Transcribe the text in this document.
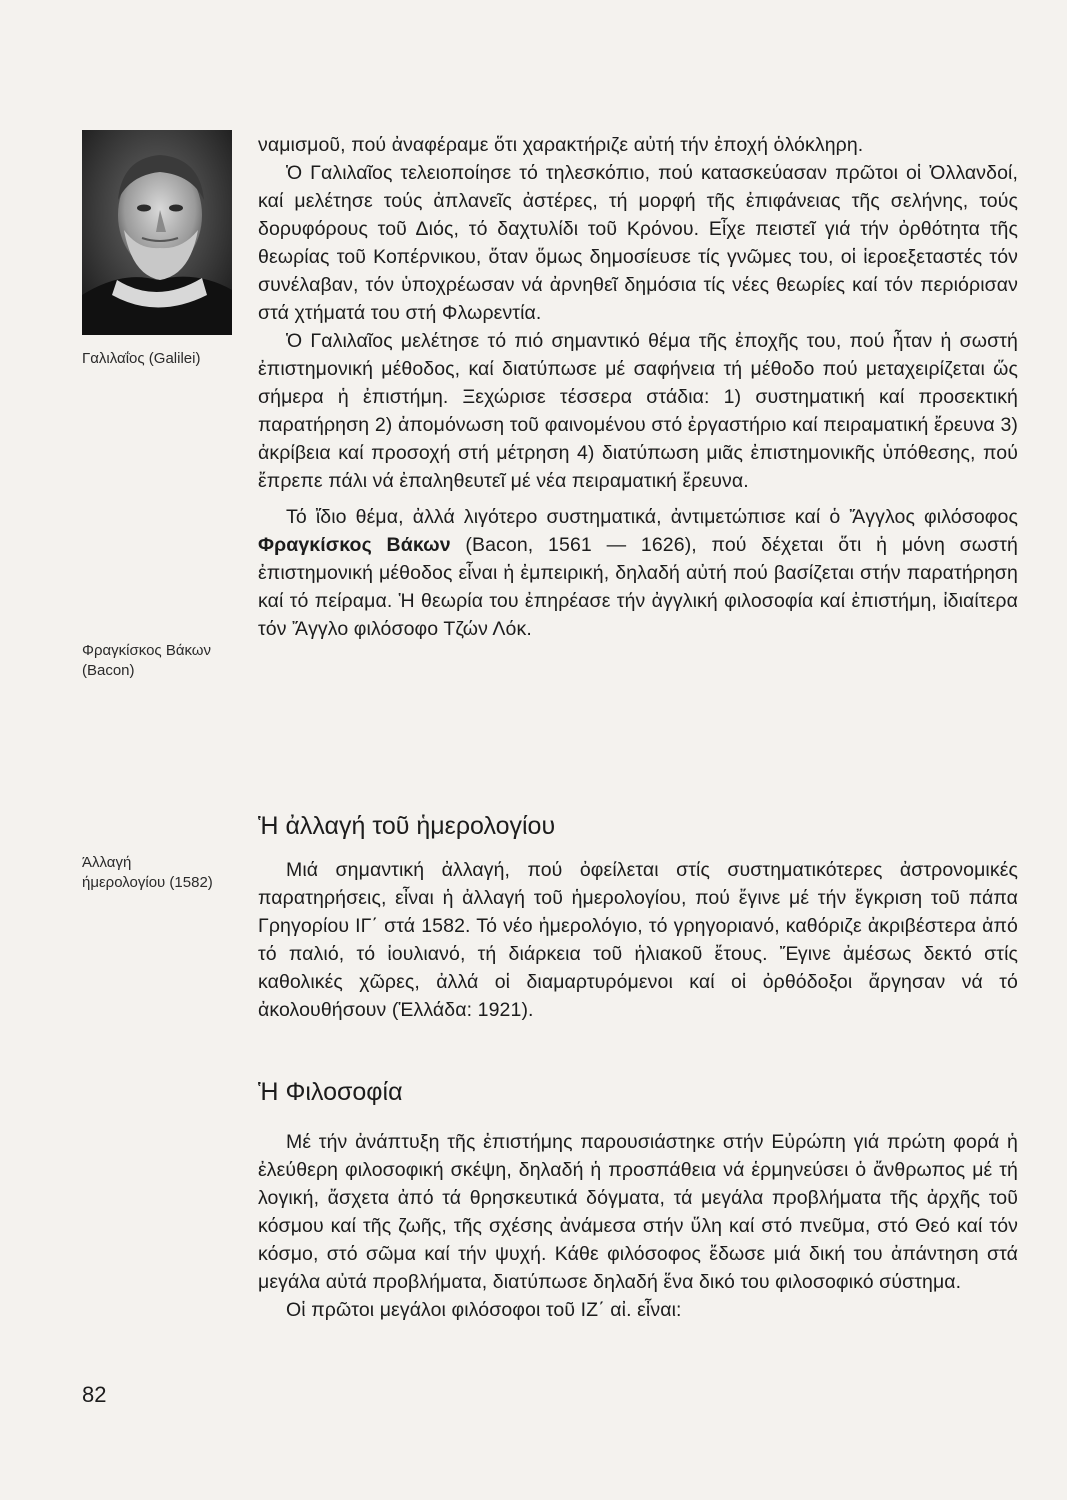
Γαλιλαΐος (Galilei)
Φραγκίσκος Βάκων
(Bacon)
Άλλαγή
ήμερολογίου (1582)
82

ναμισμοῦ, πού ἀναφέραμε ὅτι χαρακτήριζε αὐτή τήν ἐποχή ὁλόκληρη.

Ὁ Γαλιλαῖος τελειοποίησε τό τηλεσκόπιο, πού κατασκεύασαν πρῶτοι οἱ Ὀλλανδοί, καί μελέτησε τούς ἀπλανεῖς ἀστέρες, τή μορφή τῆς ἐπιφάνειας τῆς σελήνης, τούς δορυφόρους τοῦ Διός, τό δαχτυλίδι τοῦ Κρόνου. Εἶχε πειστεῖ γιά τήν ὀρθότητα τῆς θεωρίας τοῦ Κοπέρνικου, ὅταν ὅμως δημοσίευσε τίς γνῶμες του, οἱ ἱεροεξεταστές τόν συνέλαβαν, τόν ὑποχρέωσαν νά ἀρνηθεῖ δημόσια τίς νέες θεωρίες καί τόν περιόρισαν στά χτήματά του στή Φλωρεντία.

Ὁ Γαλιλαῖος μελέτησε τό πιό σημαντικό θέμα τῆς ἐποχῆς του, πού ἦταν ἡ σωστή ἐπιστημονική μέθοδος, καί διατύπωσε μέ σαφήνεια τή μέθοδο πού μεταχειρίζεται ὥς σήμερα ἡ ἐπιστήμη. Ξεχώρισε τέσσερα στάδια: 1) συστηματική καί προσεκτική παρατήρηση 2) ἀπομόνωση τοῦ φαινομένου στό ἐργαστήριο καί πειραματική ἔρευνα 3) ἀκρίβεια καί προσοχή στή μέτρηση 4) διατύπωση μιᾶς ἐπιστημονικῆς ὑπόθεσης, πού ἔπρεπε πάλι νά ἐπαληθευτεῖ μέ νέα πειραματική ἔρευνα.

Τό ἴδιο θέμα, ἀλλά λιγότερο συστηματικά, ἀντιμετώπισε καί ὁ Ἄγγλος φιλόσοφος Φραγκίσκος Βάκων (Bacon, 1561 — 1626), πού δέχεται ὅτι ἡ μόνη σωστή ἐπιστημονική μέθοδος εἶναι ἡ ἐμπειρική, δηλαδή αὐτή πού βασίζεται στήν παρατήρηση καί τό πείραμα. Ἡ θεωρία του ἐπηρέασε τήν ἀγγλική φιλοσοφία καί ἐπιστήμη, ἰδιαίτερα τόν Ἄγγλο φιλόσοφο Τζών Λόκ.

Ἡ ἀλλαγή τοῦ ἡμερολογίου

Μιά σημαντική ἀλλαγή, πού ὀφείλεται στίς συστηματικότερες ἀστρονομικές παρατηρήσεις, εἶναι ἡ ἀλλαγή τοῦ ἡμερολογίου, πού ἔγινε μέ τήν ἔγκριση τοῦ πάπα Γρηγορίου ΙΓ΄ στά 1582. Τό νέο ἡμερολόγιο, τό γρηγοριανό, καθόριζε ἀκριβέστερα ἀπό τό παλιό, τό ἰουλιανό, τή διάρκεια τοῦ ἡλιακοῦ ἔτους. Ἔγινε ἀμέσως δεκτό στίς καθολικές χῶρες, ἀλλά οἱ διαμαρτυρόμενοι καί οἱ ὀρθόδοξοι ἄργησαν νά τό ἀκολουθήσουν (Ἑλλάδα: 1921).

Ἡ Φιλοσοφία

Μέ τήν ἀνάπτυξη τῆς ἐπιστήμης παρουσιάστηκε στήν Εὐρώπη γιά πρώτη φορά ἡ ἐλεύθερη φιλοσοφική σκέψη, δηλαδή ἡ προσπάθεια νά ἑρμηνεύσει ὁ ἄνθρωπος μέ τή λογική, ἄσχετα ἀπό τά θρησκευτικά δόγματα, τά μεγάλα προβλήματα τῆς ἀρχῆς τοῦ κόσμου καί τῆς ζωῆς, τῆς σχέσης ἀνάμεσα στήν ὕλη καί στό πνεῦμα, στό Θεό καί τόν κόσμο, στό σῶμα καί τήν ψυχή. Κάθε φιλόσοφος ἔδωσε μιά δική του ἀπάντηση στά μεγάλα αὐτά προβλήματα, διατύπωσε δηλαδή ἕνα δικό του φιλοσοφικό σύστημα.

Οἱ πρῶτοι μεγάλοι φιλόσοφοι τοῦ ΙΖ΄ αἰ. εἶναι:
